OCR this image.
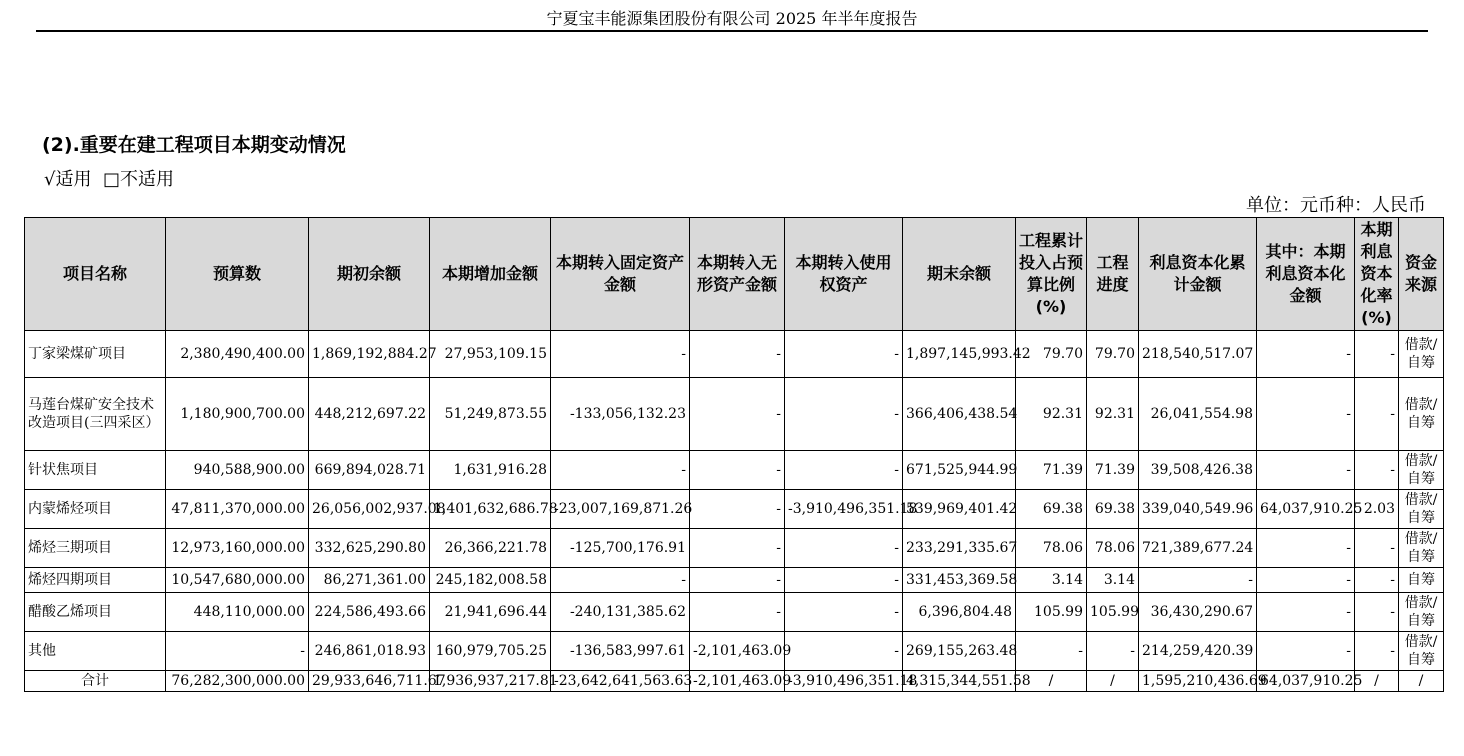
宁夏宝丰能源集团股份有限公司 2025 年半年度报告
(2).重要在建工程项目本期变动情况
√适用 □不适用
单位：元币种：人民币
项目名称	预算数	期初余额	本期增加金额	本期转入固定资产金额	本期转入无形资产金额	本期转入使用权资产	期末余额	工程累计投入占预算比例(%)	工程进度	利息资本化累计金额	其中：本期利息资本化金额	本期利息资本化率(%)	资金来源
丁家梁煤矿项目	2,380,490,400.00	1,869,192,884.27	27,953,109.15	-	-	-	1,897,145,993.42	79.70	79.70	218,540,517.07	-	-	借款/自筹
马莲台煤矿安全技术改造项目(三四采区）	1,180,900,700.00	448,212,697.22	51,249,873.55	-133,056,132.23	-	-	366,406,438.54	92.31	92.31	26,041,554.98	-	-	借款/自筹
针状焦项目	940,588,900.00	669,894,028.71	1,631,916.28	-	-	-	671,525,944.99	71.39	71.39	39,508,426.38	-	-	借款/自筹
内蒙烯烃项目	47,811,370,000.00	26,056,002,937.08	1,401,632,686.78	-23,007,169,871.26	-	-3,910,496,351.18	539,969,401.42	69.38	69.38	339,040,549.96	64,037,910.25	2.03	借款/自筹
烯烃三期项目	12,973,160,000.00	332,625,290.80	26,366,221.78	-125,700,176.91	-	-	233,291,335.67	78.06	78.06	721,389,677.24	-	-	借款/自筹
烯烃四期项目	10,547,680,000.00	86,271,361.00	245,182,008.58	-	-	-	331,453,369.58	3.14	3.14	-	-	-	自筹
醋酸乙烯项目	448,110,000.00	224,586,493.66	21,941,696.44	-240,131,385.62	-	-	6,396,804.48	105.99	105.99	36,430,290.67	-	-	借款/自筹
其他	-	246,861,018.93	160,979,705.25	-136,583,997.61	-2,101,463.09	-	269,155,263.48	-	-	214,259,420.39	-	-	借款/自筹
合计	76,282,300,000.00	29,933,646,711.67	1,936,937,217.81	-23,642,641,563.63	-2,101,463.09	-3,910,496,351.18	4,315,344,551.58	/	/	1,595,210,436.69	64,037,910.25	/	/
